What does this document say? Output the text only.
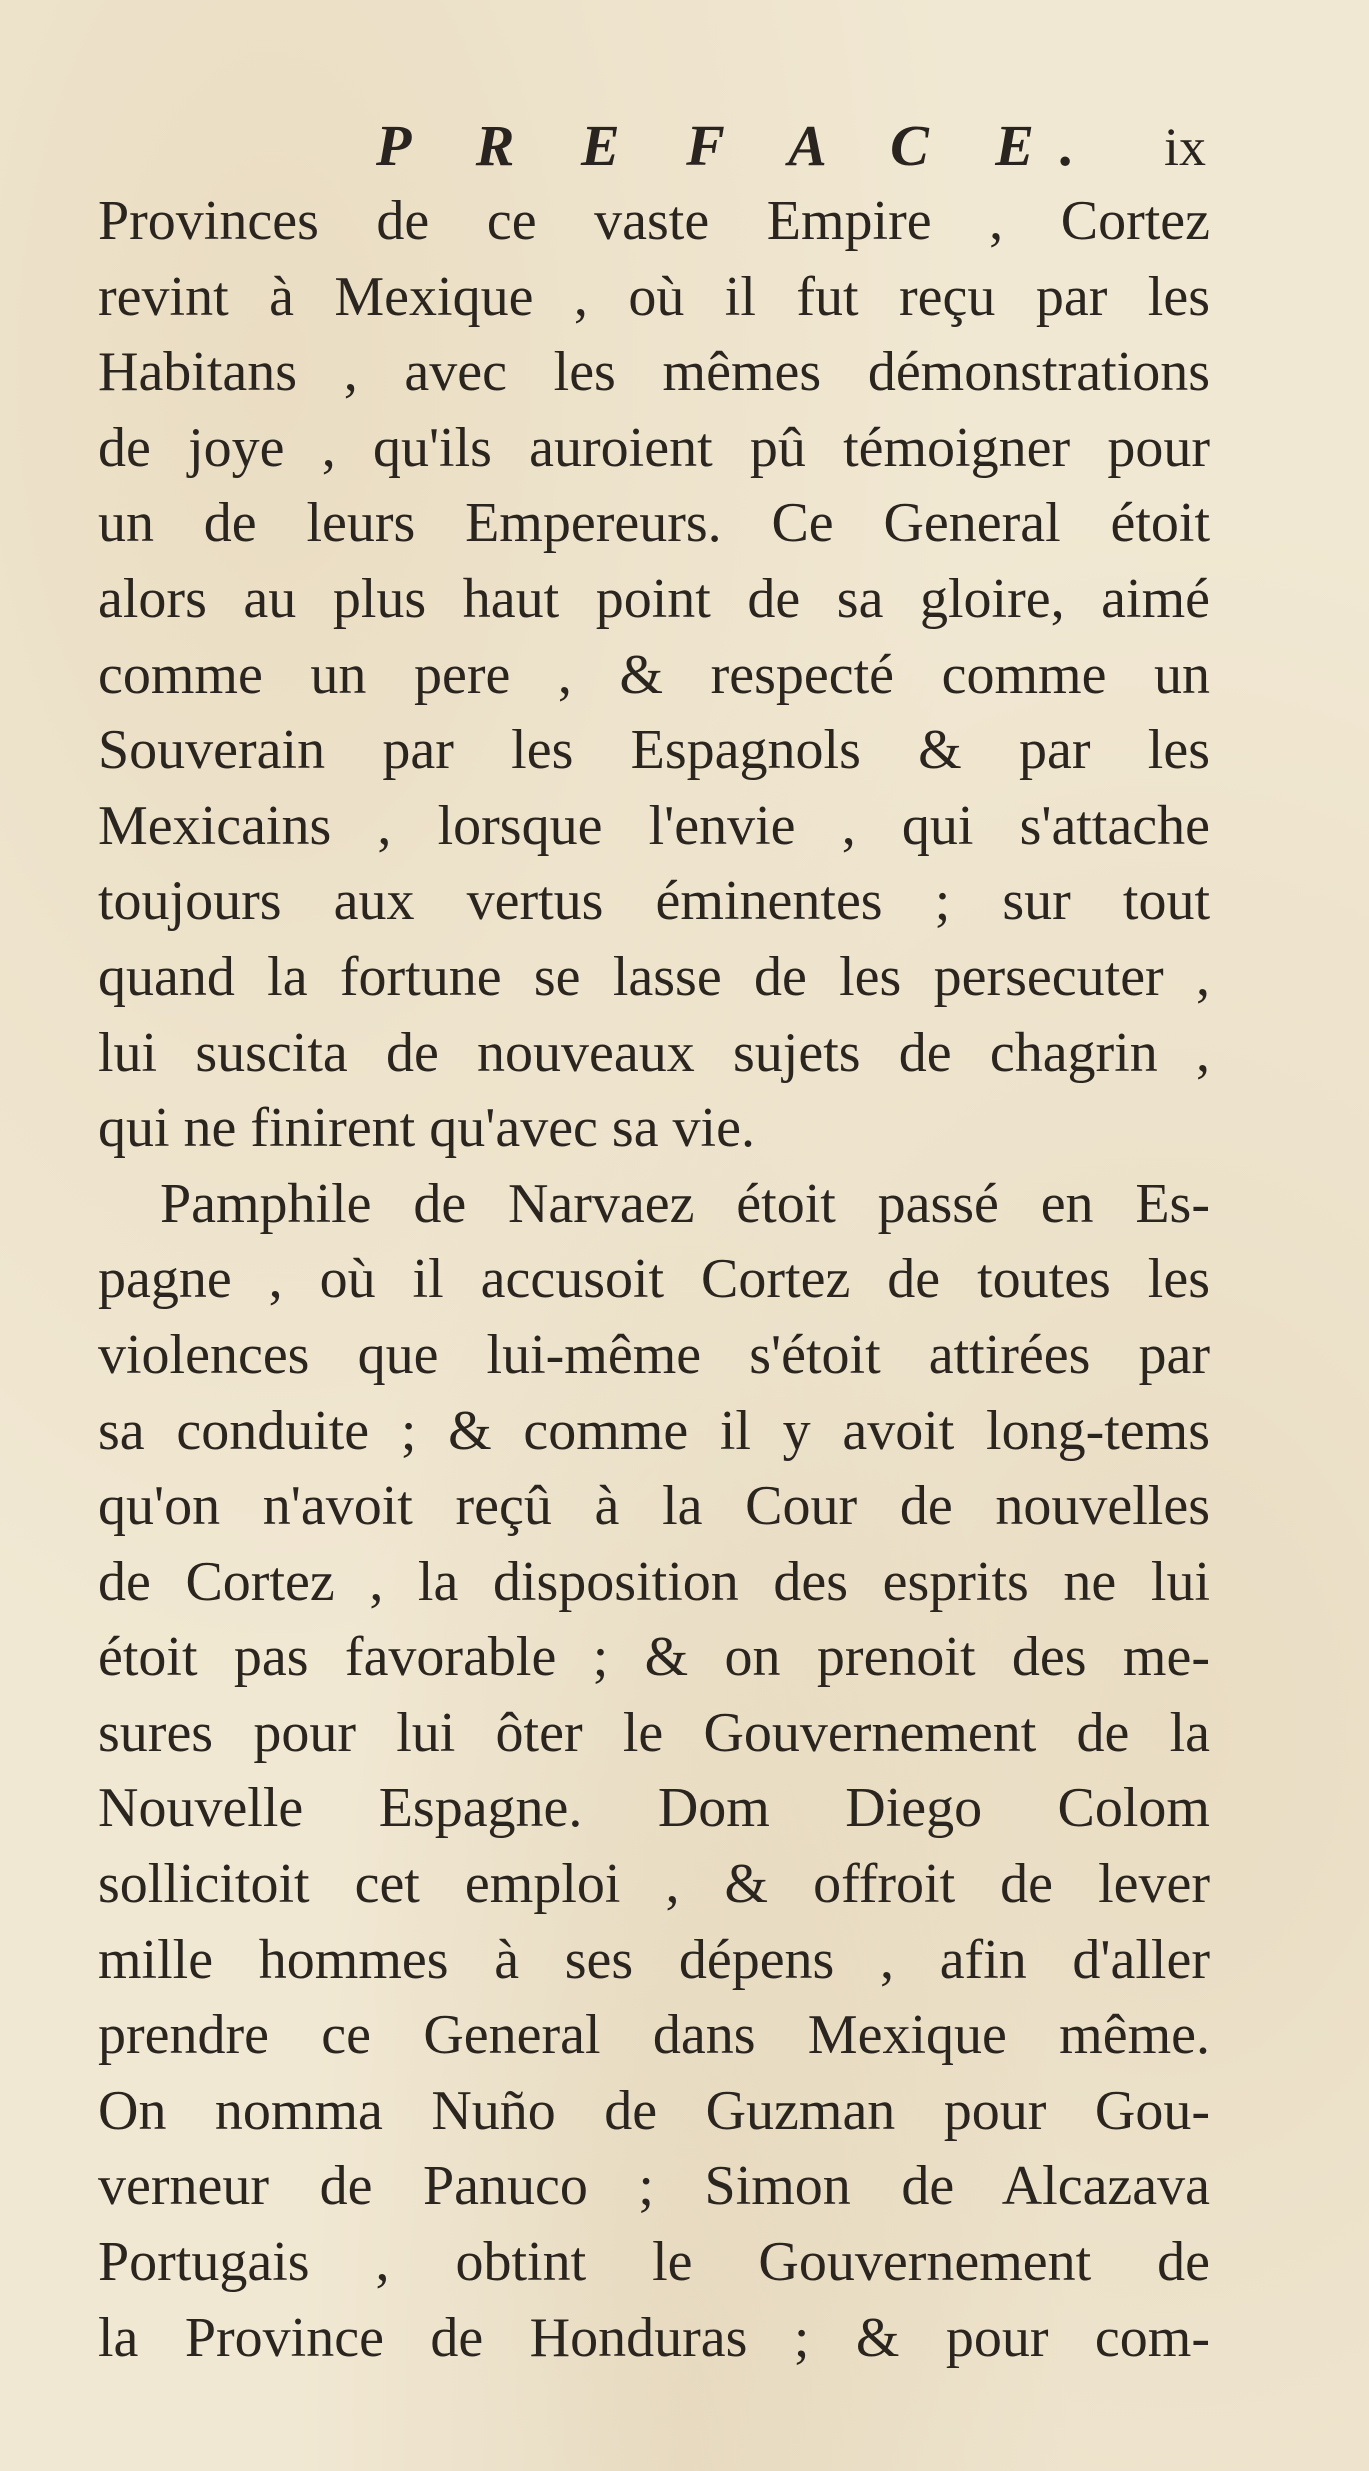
P R E F A C E. ix
Provinces de ce vaste Empire , Cortez
revint à Mexique , où il fut reçu par les
Habitans , avec les mêmes démonstrations
de joye , qu'ils auroient pû témoigner pour
un de leurs Empereurs. Ce General étoit
alors au plus haut point de sa gloire, aimé
comme un pere , & respecté comme un
Souverain par les Espagnols & par les
Mexicains , lorsque l'envie , qui s'attache
toujours aux vertus éminentes ; sur tout
quand la fortune se lasse de les persecuter ,
lui suscita de nouveaux sujets de chagrin ,
qui ne finirent qu'avec sa vie.
Pamphile de Narvaez étoit passé en Es-
pagne , où il accusoit Cortez de toutes les
violences que lui-même s'étoit attirées par
sa conduite ; & comme il y avoit long-tems
qu'on n'avoit reçû à la Cour de nouvelles
de Cortez , la disposition des esprits ne lui
étoit pas favorable ; & on prenoit des me-
sures pour lui ôter le Gouvernement de la
Nouvelle Espagne. Dom Diego Colom
sollicitoit cet emploi , & offroit de lever
mille hommes à ses dépens , afin d'aller
prendre ce General dans Mexique même.
On nomma Nuño de Guzman pour Gou-
verneur de Panuco ; Simon de Alcazava
Portugais , obtint le Gouvernement de
la Province de Honduras ; & pour com-
